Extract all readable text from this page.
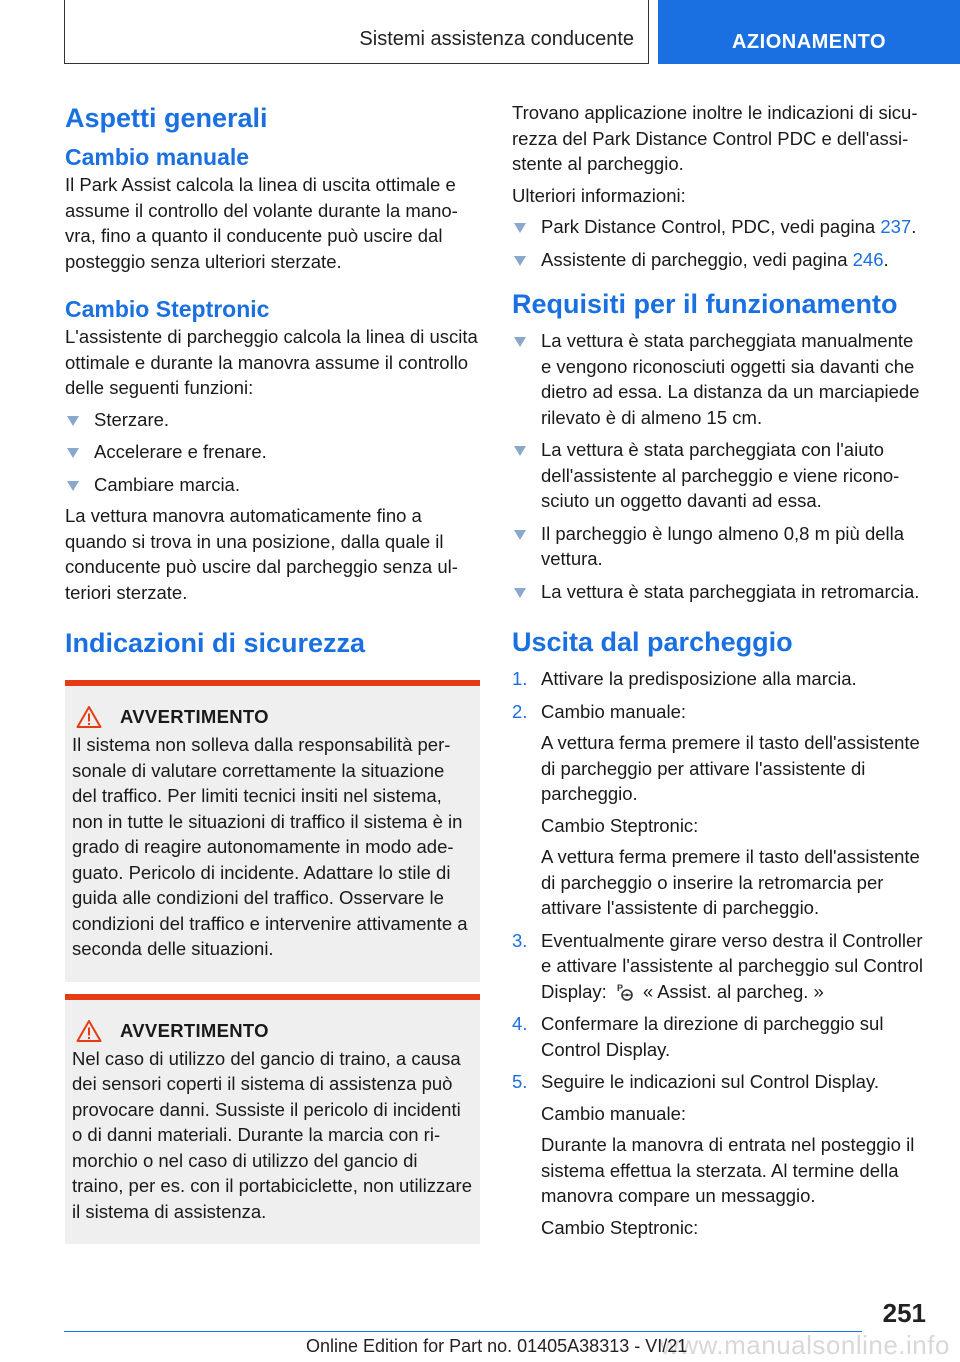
Sistemi assistenza conducente	AZIONAMENTO
Aspetti generali
Cambio manuale

Il Park Assist calcola la linea di uscita ottimale e assume il controllo del volante durante la manovra, fino a quanto il conducente può uscire dal posteggio senza ulteriori sterzate.

Cambio Steptronic

L'assistente di parcheggio calcola la linea di uscita ottimale e durante la manovra assume il controllo delle seguenti funzioni:

Sterzare.
Accelerare e frenare.
Cambiare marcia.

La vettura manovra automaticamente fino a quando si trova in una posizione, dalla quale il conducente può uscire dal parcheggio senza ulteriori sterzate.

Indicazioni di sicurezza
AVVERTIMENTO

Il sistema non solleva dalla responsabilità personale di valutare correttamente la situazione del traffico. Per limiti tecnici insiti nel sistema, non in tutte le situazioni di traffico il sistema è in grado di reagire autonomamente in modo adeguato. Pericolo di incidente. Adattare lo stile di guida alle condizioni del traffico. Osservare le condizioni del traffico e intervenire attivamente a seconda delle situazioni.

AVVERTIMENTO

Nel caso di utilizzo del gancio di traino, a causa dei sensori coperti il sistema di assistenza può provocare danni. Sussiste il pericolo di incidenti o di danni materiali. Durante la marcia con rimorchio o nel caso di utilizzo del gancio di traino, per es. con il portabiciclette, non utilizzare il sistema di assistenza.

Trovano applicazione inoltre le indicazioni di sicurezza del Park Distance Control PDC e dell'assistente al parcheggio.

Ulteriori informazioni:

Park Distance Control, PDC, vedi pagina 237.
Assistente di parcheggio, vedi pagina 246.
Requisiti per il funzionamento
La vettura è stata parcheggiata manualmente e vengono riconosciuti oggetti sia davanti che dietro ad essa. La distanza da un marciapiede rilevato è di almeno 15 cm.
La vettura è stata parcheggiata con l'aiuto dell'assistente al parcheggio e viene riconosciuto un oggetto davanti ad essa.
Il parcheggio è lungo almeno 0,8 m più della vettura.
La vettura è stata parcheggiata in retromarcia.
Uscita dal parcheggio
1. Attivare la predisposizione alla marcia.
2. Cambio manuale:

A vettura ferma premere il tasto dell'assistente di parcheggio per attivare l'assistente di parcheggio.

Cambio Steptronic:

A vettura ferma premere il tasto dell'assistente di parcheggio o inserire la retromarcia per attivare l'assistente di parcheggio.

3. Eventualmente girare verso destra il Controller e attivare l'assistente al parcheggio sul Control Display: P « Assist. al parcheg. »
4. Confermare la direzione di parcheggio sul Control Display.
5. Seguire le indicazioni sul Control Display.

Cambio manuale:

Durante la manovra di entrata nel posteggio il sistema effettua la sterzata. Al termine della manovra compare un messaggio.

Cambio Steptronic:

251
www.manualsonline.info
Online Edition for Part no. 01405A38313 - VI/21
